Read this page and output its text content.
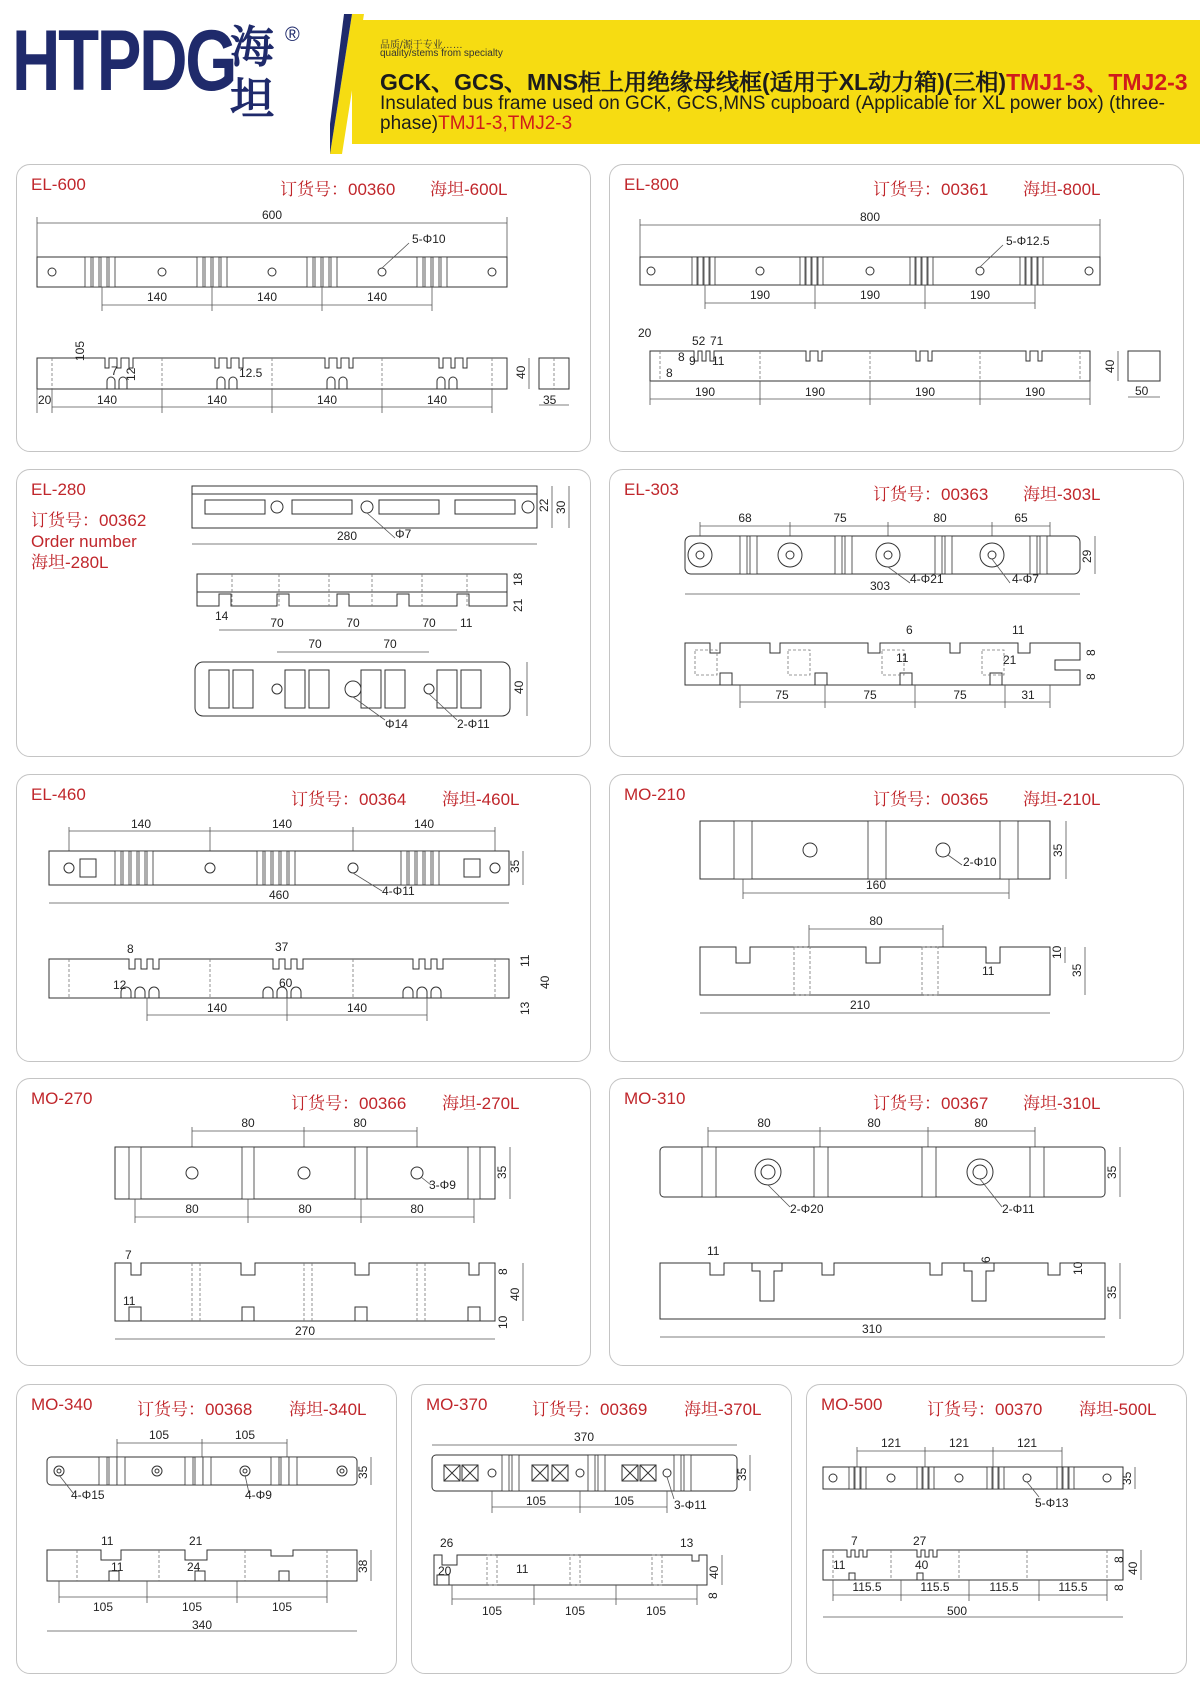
HTPDG
海坦
®	品质/源于专业……
quality/stems from specialty
GCK、GCS、MNS柜上用绝缘母线框(适用于XL动力箱)(三相)TMJ1-3、TMJ2-3
Insulated bus frame used on GCK, GCS,MNS cupboard (Applicable for XL power box) (three-phase)TMJ1-3,TMJ2-3
EL-600	订货号：00360 海坦-600L
600
5-Φ10
140	140	140
105
7 12	12.5
140	140	140	140
20
40
35
EL-800	订货号：00361 海坦-800L
800
5-Φ12.5
190	190	190
20
52 71
8 9 11
8
190	190	190	190
40
50
EL-280
订货号：00362
Order number
海坦-280L
22 30
280	Φ7
18
21
14	70	70	70 11
70	70
40
Φ14	2-Φ11
EL-303	订货号：00363 海坦-303L
68	75	80	65
29
303 4-Φ21	4-Φ7
6	11
11	21
8
8
75	75	75	31
EL-460	订货号：00364 海坦-460L
140	140	140
35
460	4-Φ11
8	37
12	60
11
40
13
140	140
MO-210	订货号：00365 海坦-210L
2-Φ10
35
160
80
10
11	35
210
MO-270	订货号：00366 海坦-270L
80	80
3-Φ9
35
80	80	80
7
8
11	40
10
270
MO-310	订货号：00367 海坦-310L
80	80	80
35
2-Φ20	2-Φ11
11
6
10
35
310
MO-340	订货号：00368 海坦-340L
105	105
35
4-Φ15	4-Φ9
11	21
11	24	38
105	105	105
340
MO-370	订货号：00369 海坦-370L
370
35
105	105	3-Φ11
26	13
20	11	40
8
105	105	105
MO-500	订货号：00370 海坦-500L
121	121	121
35
5-Φ13
7	27
11	40	8
40
8
115.5	115.5	115.5	115.5
500
